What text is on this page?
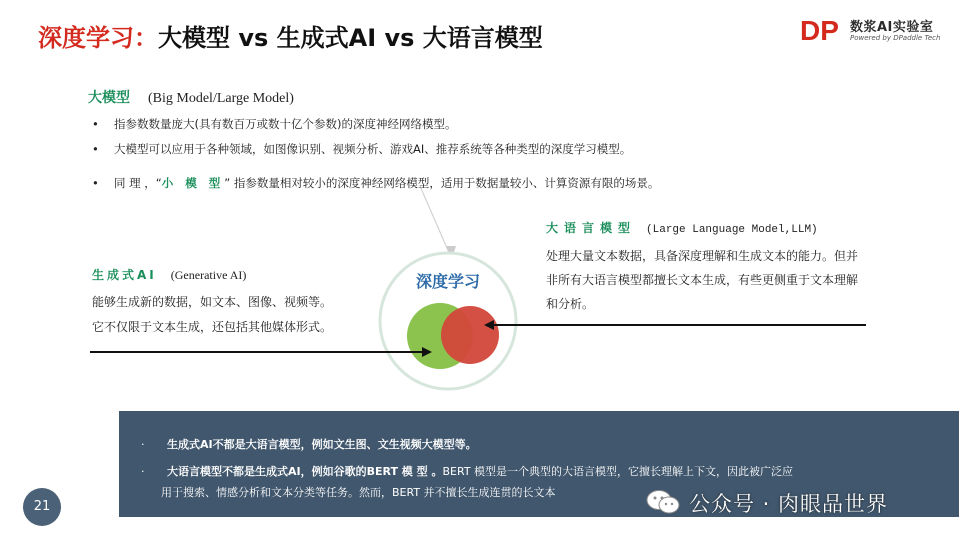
深度学习：大模型 vs 生成式AI vs 大语言模型	DP 数浆AI实验室
Powered by DPaddle Tech
深度学习
大模型 (Big Model/Large Model)
• 指参数数量庞大(具有数百万或数十亿个参数)的深度神经网络模型。
• 大模型可以应用于各种领域，如图像识别、视频分析、游戏AI、推荐系统等各种类型的深度学习模型。
• 同 理 ，“小 模 型” 指参数量相对较小的深度神经网络模型，适用于数据量较小、计算资源有限的场景。
大语言模型 (Large Language Model,LLM)
处理大量文本数据，具备深度理解和生成文本的能力。但并非所有大语言模型都擅长文本生成，有些更侧重于文本理解和分析。
生成式AI (Generative AI)
能够生成新的数据，如文本、图像、视频等。
它不仅限于文本生成，还包括其他媒体形式。
· 生成式AI不都是大语言模型，例如文生图、文生视频大模型等。
· 大语言模型不都是生成式AI，例如谷歌的BERT 模 型 。BERT 模型是一个典型的大语言模型，它擅长理解上下文，因此被广泛应
用于搜索、情感分析和文本分类等任务。然而，BERT 并不擅长生成连贯的长文本
21	公众号 · 肉眼品世界
